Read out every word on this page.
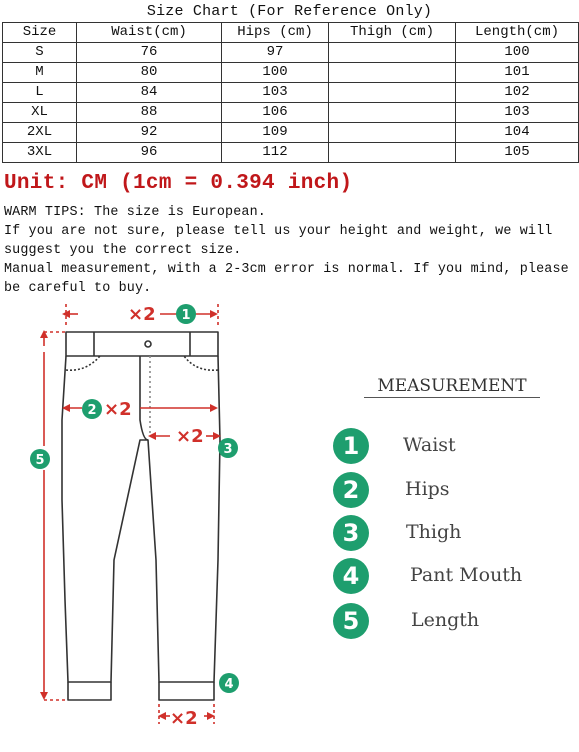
Size Chart (For Reference Only)
Size	Waist(cm)	Hips (cm)	Thigh (cm)	Length(cm)
S	76	97		100
M	80	100		101
L	84	103		102
XL	88	106		103
2XL	92	109		104
3XL	96	112		105
Unit: CM (1cm = 0.394 inch)

WARM TIPS: The size is European.

If you are not sure, please tell us your height and weight, we will suggest you the correct size.

Manual measurement, with a 2-3cm error is normal. If you mind, please be careful to buy.

×2
×2
×2
×2
1
2
3
4
5
MEASUREMENT
1	Waist
2	Hips
3	Thigh
4	Pant Mouth
5	Length
